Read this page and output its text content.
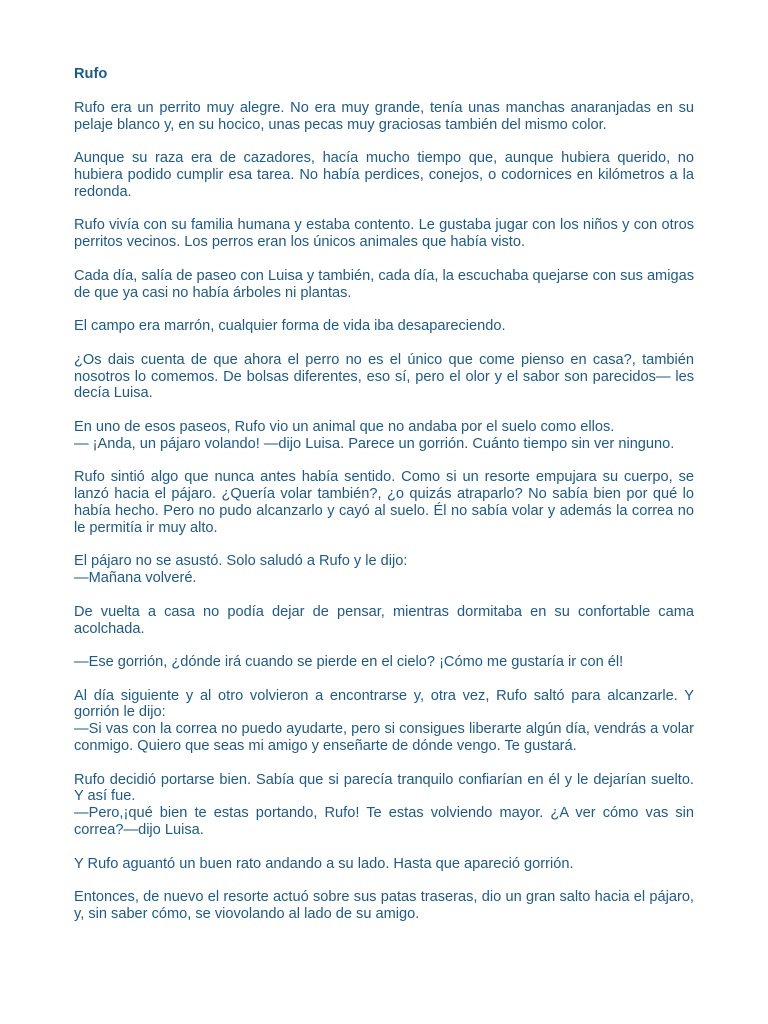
Rufo
Rufo era un perrito muy alegre. No era muy grande, tenía unas manchas anaranjadas en su pelaje blanco y, en su hocico, unas pecas muy graciosas también del mismo color.
Aunque su raza era de cazadores, hacía mucho tiempo que, aunque hubiera querido, no hubiera podido cumplir esa tarea. No había perdices, conejos, o codornices en kilómetros a la redonda.
Rufo vivía con su familia humana y estaba contento. Le gustaba jugar con los niños y con otros perritos vecinos. Los perros eran los únicos animales que había visto.
Cada día, salía de paseo con Luisa y también, cada día, la escuchaba quejarse con sus amigas de que ya casi no había árboles ni plantas.
El campo era marrón, cualquier forma de vida iba desapareciendo.
¿Os dais cuenta de que ahora el perro no es el único que come pienso en casa?, también nosotros lo comemos. De bolsas diferentes, eso sí, pero el olor y el sabor son parecidos— les decía Luisa.
En uno de esos paseos, Rufo vio un animal que no andaba por el suelo como ellos.
— ¡Anda, un pájaro volando! —dijo Luisa. Parece un gorrión. Cuánto tiempo sin ver ninguno.
Rufo sintió algo que nunca antes había sentido. Como si un resorte empujara su cuerpo, se lanzó hacia el pájaro. ¿Quería volar también?, ¿o quizás atraparlo? No sabía bien por qué lo había hecho. Pero no pudo alcanzarlo y cayó al suelo. Él no sabía volar y además la correa no le permitía ir muy alto.
El pájaro no se asustó. Solo saludó a Rufo y le dijo:
—Mañana volveré.
De vuelta a casa no podía dejar de pensar, mientras dormitaba en su confortable cama acolchada.
—Ese gorrión, ¿dónde irá cuando se pierde en el cielo? ¡Cómo me gustaría ir con él!
Al día siguiente y al otro volvieron a encontrarse y, otra vez, Rufo saltó para alcanzarle. Y gorrión le dijo:
—Si vas con la correa no puedo ayudarte, pero si consigues liberarte algún día, vendrás a volar conmigo. Quiero que seas mi amigo y enseñarte de dónde vengo. Te gustará.
Rufo decidió portarse bien. Sabía que si parecía tranquilo confiarían en él y le dejarían suelto. Y así fue.
—Pero,¡qué bien te estas portando, Rufo! Te estas volviendo mayor. ¿A ver cómo vas sin correa?—dijo Luisa.
Y Rufo aguantó un buen rato andando a su lado. Hasta que apareció gorrión.
Entonces, de nuevo el resorte actuó sobre sus patas traseras, dio un gran salto hacia el pájaro, y, sin saber cómo, se viovolando al lado de su amigo.
